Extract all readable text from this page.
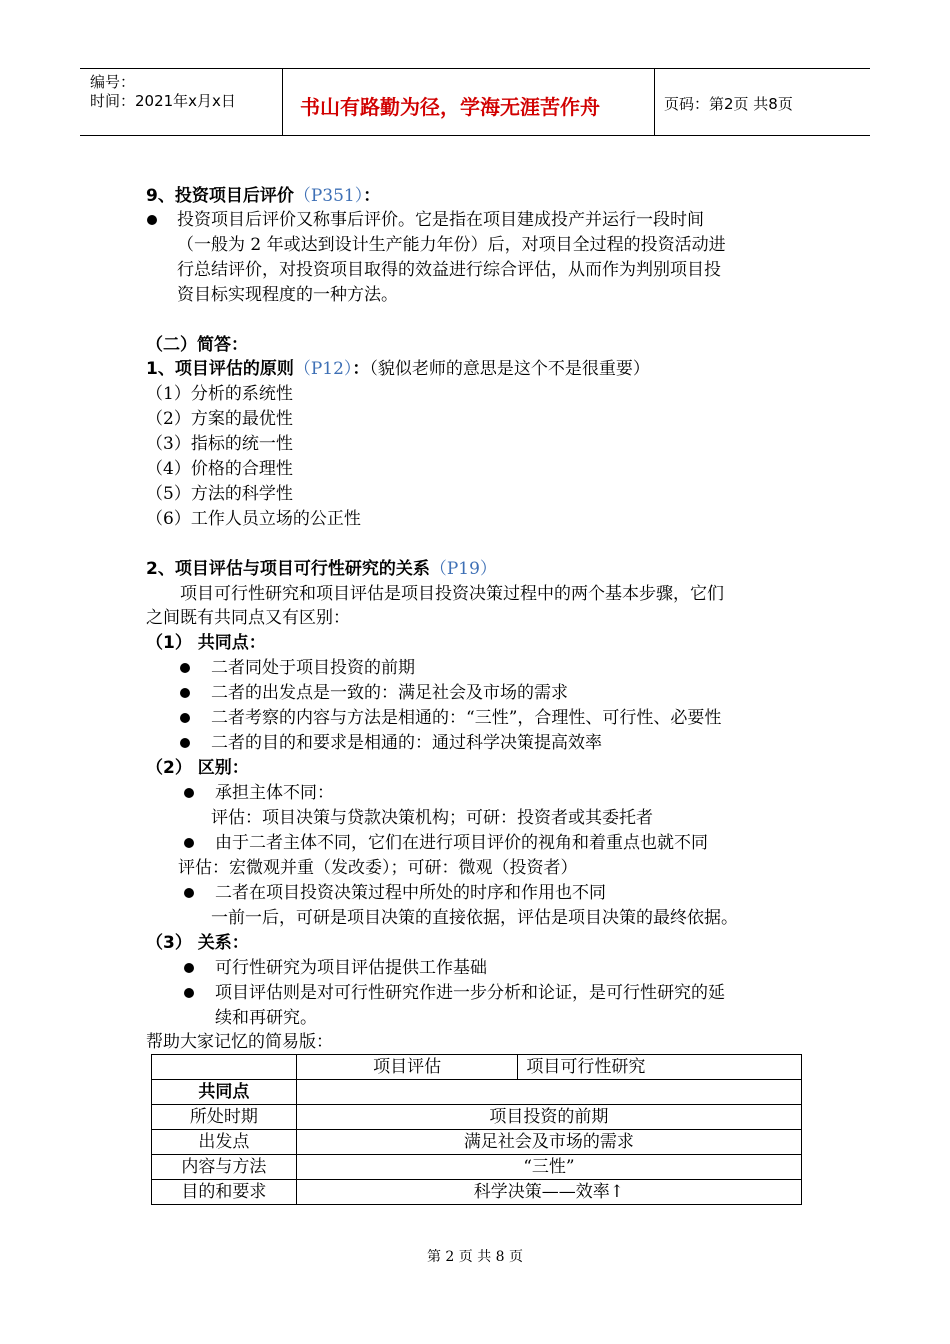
编号：
时间：2021年x月x日	书山有路勤为径，学海无涯苦作舟	页码：第2页 共8页
9、投资项目后评价（P351）：
投资项目后评价又称事后评价。它是指在项目建成投产并运行一段时间
（一般为 2 年或达到设计生产能力年份）后，对项目全过程的投资活动进
行总结评价，对投资项目取得的效益进行综合评估，从而作为判别项目投
资目标实现程度的一种方法。
（二）简答：
1、项目评估的原则（P12）：（貌似老师的意思是这个不是很重要）
（1）分析的系统性
（2）方案的最优性
（3）指标的统一性
（4）价格的合理性
（5）方法的科学性
（6）工作人员立场的公正性
2、项目评估与项目可行性研究的关系（P19）
项目可行性研究和项目评估是项目投资决策过程中的两个基本步骤，它们
之间既有共同点又有区别：
（1） 共同点：
二者同处于项目投资的前期
二者的出发点是一致的：满足社会及市场的需求
二者考察的内容与方法是相通的：“三性”，合理性、可行性、必要性
二者的目的和要求是相通的：通过科学决策提高效率
（2） 区别：
承担主体不同：
评估：项目决策与贷款决策机构；可研：投资者或其委托者
由于二者主体不同，它们在进行项目评价的视角和着重点也就不同
评估：宏微观并重（发改委）；可研：微观（投资者）
二者在项目投资决策过程中所处的时序和作用也不同
一前一后，可研是项目决策的直接依据，评估是项目决策的最终依据。
（3） 关系：
可行性研究为项目评估提供工作基础
项目评估则是对可行性研究作进一步分析和论证，是可行性研究的延
续和再研究。
帮助大家记忆的简易版：
	项目评估	项目可行性研究
共同点		
所处时期	项目投资的前期	
出发点	满足社会及市场的需求	
内容与方法	“三性”	
目的和要求	科学决策——效率↑	
第 2 页 共 8 页
